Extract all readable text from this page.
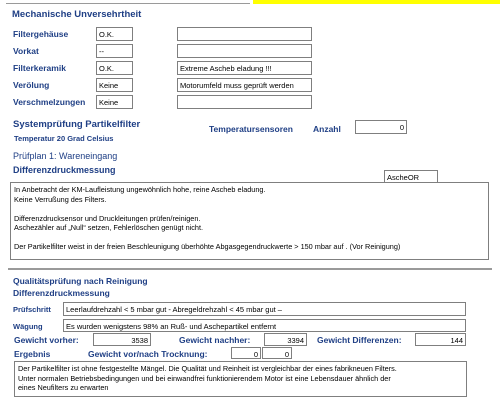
Mechanische Unversehrtheit
Filtergehäuse	O.K.
Vorkat	--
Filterkeramik	O.K.	Extreme Ascheb eladung !!!
Verölung	Keine	Motorumfeld muss geprüft werden
Verschmelzungen	Keine
Systemprüfung Partikelfilter
Temperatur 20 Grad Celsius
Temperatursensoren Anzahl	0
Prüfplan 1: Wareneingang
Differenzdruckmessung
AscheOR
In Anbetracht der KM-Laufleistung ungewöhnlich hohe, reine Ascheb eladung.
Keine Verrußung des Filters.

Differenzdrucksensor und Druckleitungen prüfen/reinigen.
Aschezähler auf „Null“ setzen, Fehlerlöschen genügt nicht.

Der Partikelfilter weist in der freien Beschleunigung überhöhte Abgasgegendruckwerte > 150 mbar auf . (Vor Reinigung)
Qualitätsprüfung nach Reinigung
Differenzdruckmessung
Prüfschritt	Leerlaufdrehzahl < 5 mbar gut - Abregeldrehzahl < 45 mbar gut –
Wägung	Es wurden wenigstens 98% an Ruß- und Aschepartikel entfernt
Gewicht vorher:	3538	Gewicht nachher:	3394	Gewicht Differenzen:	144
Ergebnis	Gewicht vor/nach Trocknung:	0	0
Der Partikelfilter ist ohne festgestellte Mängel. Die Qualität und Reinheit ist vergleichbar der eines fabrikneuen Filters.
Unter normalen Betriebsbedingungen und bei einwandfrei funktionierendem Motor ist eine Lebensdauer ähnlich der
eines Neufilters zu erwarten
